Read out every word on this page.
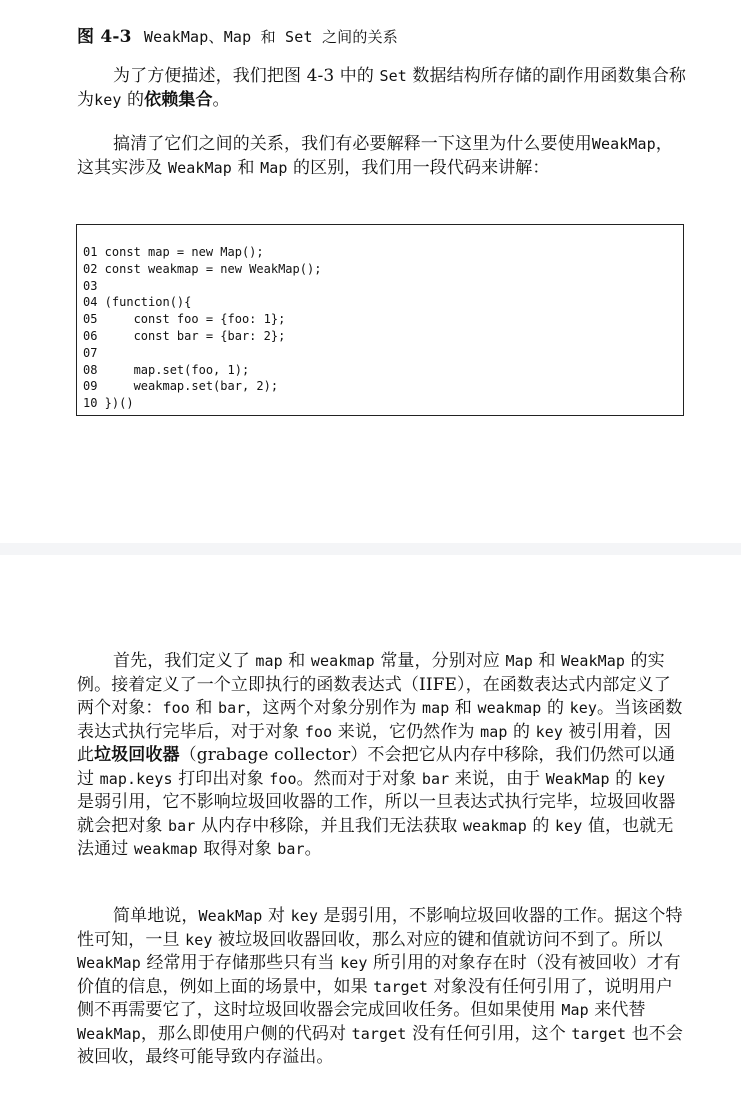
图 4-3 WeakMap、Map 和 Set 之间的关系

为了方便描述，我们把图 4-3 中的 Set 数据结构所存储的副作用函数集合称为key 的依赖集合。

搞清了它们之间的关系，我们有必要解释一下这里为什么要使用WeakMap，这其实涉及 WeakMap 和 Map 的区别，我们用一段代码来讲解：

01 const map = new Map();
02 const weakmap = new WeakMap();
03
04 (function(){
05     const foo = {foo: 1};
06     const bar = {bar: 2};
07
08     map.set(foo, 1);
09     weakmap.set(bar, 2);
10 })()

首先，我们定义了 map 和 weakmap 常量，分别对应 Map 和 WeakMap 的实例。接着定义了一个立即执行的函数表达式（IIFE），在函数表达式内部定义了两个对象：foo 和 bar，这两个对象分别作为 map 和 weakmap 的 key。当该函数表达式执行完毕后，对于对象 foo 来说，它仍然作为 map 的 key 被引用着，因此垃圾回收器（grabage collector）不会把它从内存中移除，我们仍然可以通过 map.keys 打印出对象 foo。然而对于对象 bar 来说，由于 WeakMap 的 key 是弱引用，它不影响垃圾回收器的工作，所以一旦表达式执行完毕，垃圾回收器就会把对象 bar 从内存中移除，并且我们无法获取 weakmap 的 key 值，也就无法通过 weakmap 取得对象 bar。

简单地说，WeakMap 对 key 是弱引用，不影响垃圾回收器的工作。据这个特性可知，一旦 key 被垃圾回收器回收，那么对应的键和值就访问不到了。所以 WeakMap 经常用于存储那些只有当 key 所引用的对象存在时（没有被回收）才有价值的信息，例如上面的场景中，如果 target 对象没有任何引用了，说明用户侧不再需要它了，这时垃圾回收器会完成回收任务。但如果使用 Map 来代替 WeakMap，那么即使用户侧的代码对 target 没有任何引用，这个 target 也不会被回收，最终可能导致内存溢出。
